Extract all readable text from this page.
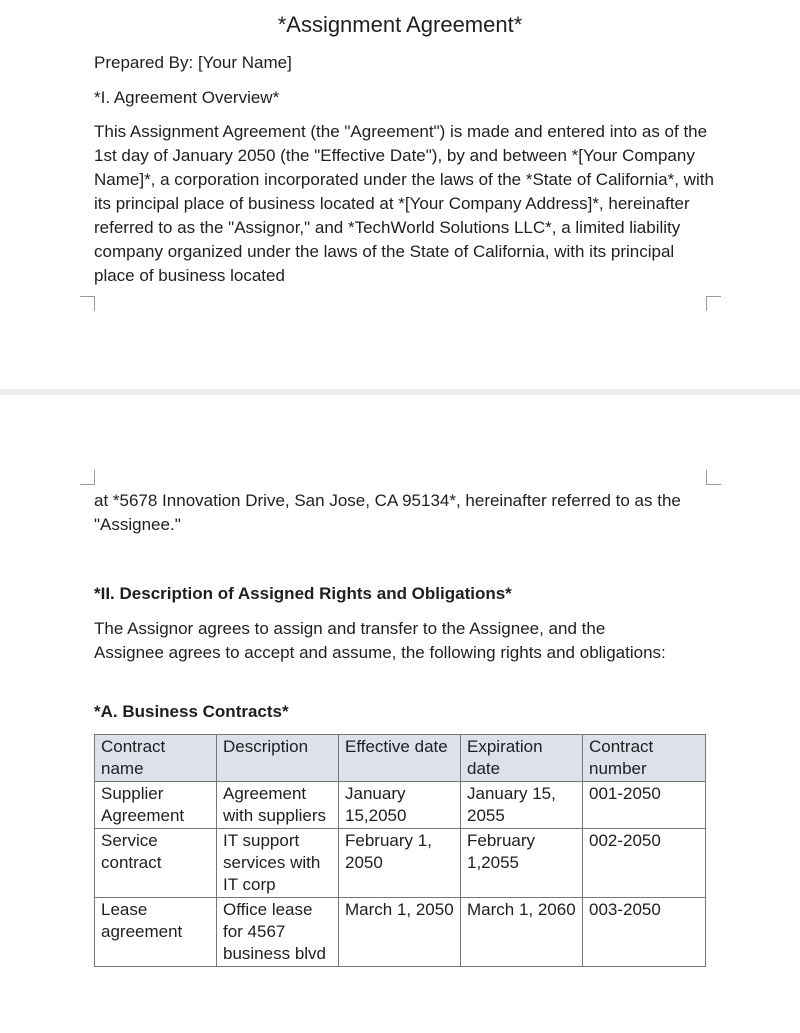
*Assignment Agreement*
Prepared By: [Your Name]
*I. Agreement Overview*

This Assignment Agreement (the "Agreement") is made and entered into as of the 1st day of January 2050 (the "Effective Date"), by and between *[Your Company Name]*, a corporation incorporated under the laws of the *State of California*, with its principal place of business located at *[Your Company Address]*, hereinafter referred to as the "Assignor," and *TechWorld Solutions LLC*, a limited liability company organized under the laws of the State of California, with its principal place of business located

at *5678 Innovation Drive, San Jose, CA 95134*, hereinafter referred to as the "Assignee."

*II. Description of Assigned Rights and Obligations*

The Assignor agrees to assign and transfer to the Assignee, and the Assignee agrees to accept and assume, the following rights and obligations:

*A. Business Contracts*
Contract name	Description	Effective date	Expiration date	Contract number
Supplier Agreement	Agreement with suppliers	January 15,2050	January 15, 2055	001-2050
Service contract	IT support services with IT corp	February 1, 2050	February 1,2055	002-2050
Lease agreement	Office lease for 4567 business blvd	March 1, 2050	March 1, 2060	003-2050
